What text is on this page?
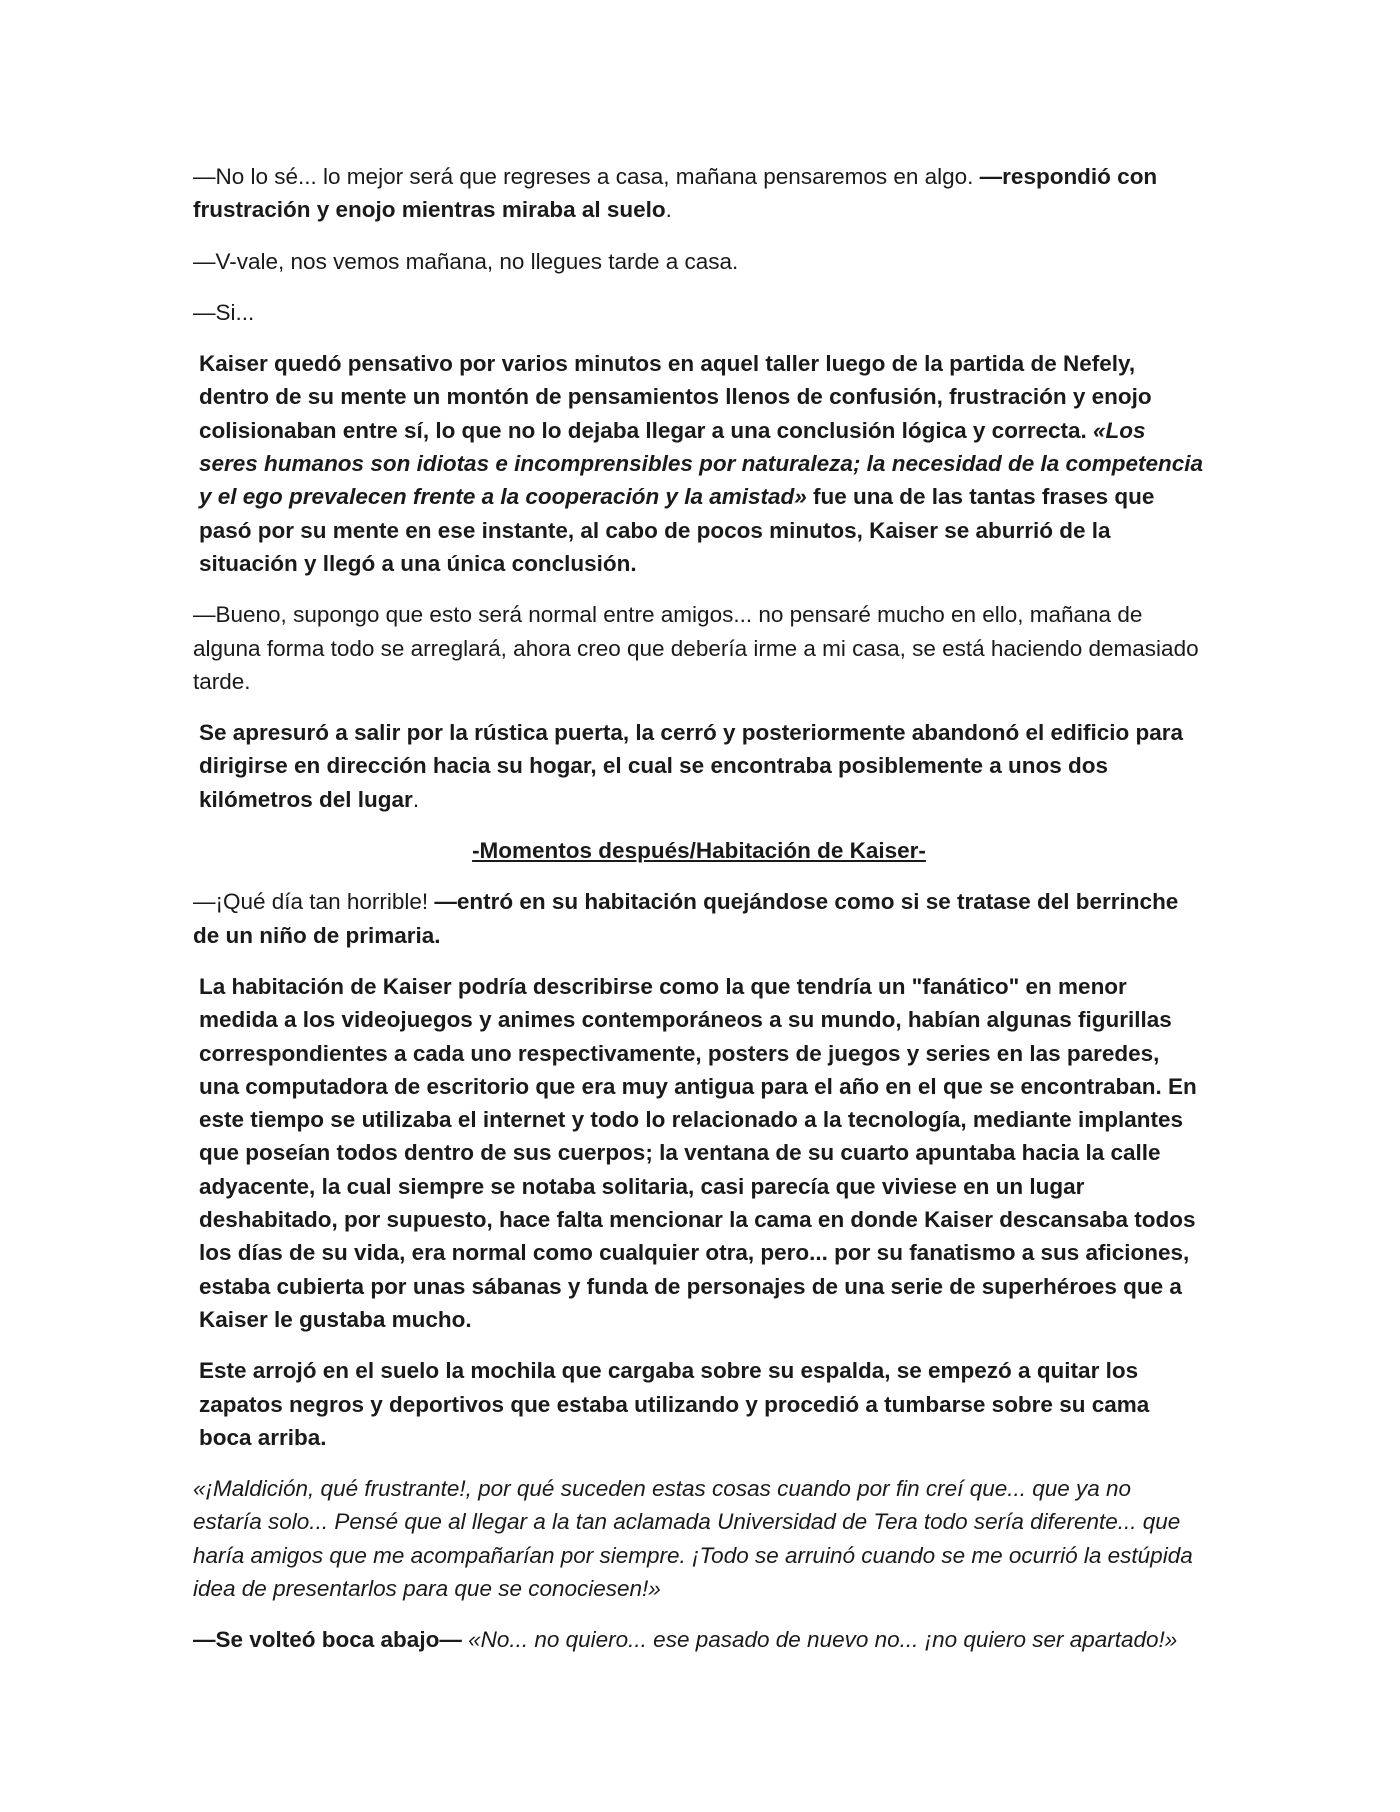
—No lo sé... lo mejor será que regreses a casa, mañana pensaremos en algo. —respondió con frustración y enojo mientras miraba al suelo.

—V-vale, nos vemos mañana, no llegues tarde a casa.

—Si...

Kaiser quedó pensativo por varios minutos en aquel taller luego de la partida de Nefely, dentro de su mente un montón de pensamientos llenos de confusión, frustración y enojo colisionaban entre sí, lo que no lo dejaba llegar a una conclusión lógica y correcta. «Los seres humanos son idiotas e incomprensibles por naturaleza; la necesidad de la competencia y el ego prevalecen frente a la cooperación y la amistad» fue una de las tantas frases que pasó por su mente en ese instante, al cabo de pocos minutos, Kaiser se aburrió de la situación y llegó a una única conclusión.

—Bueno, supongo que esto será normal entre amigos... no pensaré mucho en ello, mañana de alguna forma todo se arreglará, ahora creo que debería irme a mi casa, se está haciendo demasiado tarde.

Se apresuró a salir por la rústica puerta, la cerró y posteriormente abandonó el edificio para dirigirse en dirección hacia su hogar, el cual se encontraba posiblemente a unos dos kilómetros del lugar.

-Momentos después/Habitación de Kaiser-

—¡Qué día tan horrible! —entró en su habitación quejándose como si se tratase del berrinche de un niño de primaria.

La habitación de Kaiser podría describirse como la que tendría un "fanático" en menor medida a los videojuegos y animes contemporáneos a su mundo, habían algunas figurillas correspondientes a cada uno respectivamente, posters de juegos y series en las paredes, una computadora de escritorio que era muy antigua para el año en el que se encontraban. En este tiempo se utilizaba el internet y todo lo relacionado a la tecnología, mediante implantes que poseían todos dentro de sus cuerpos; la ventana de su cuarto apuntaba hacia la calle adyacente, la cual siempre se notaba solitaria, casi parecía que viviese en un lugar deshabitado, por supuesto, hace falta mencionar la cama en donde Kaiser descansaba todos los días de su vida, era normal como cualquier otra, pero... por su fanatismo a sus aficiones, estaba cubierta por unas sábanas y funda de personajes de una serie de superhéroes que a Kaiser le gustaba mucho.

Este arrojó en el suelo la mochila que cargaba sobre su espalda, se empezó a quitar los zapatos negros y deportivos que estaba utilizando y procedió a tumbarse sobre su cama boca arriba.

«¡Maldición, qué frustrante!, por qué suceden estas cosas cuando por fin creí que... que ya no estaría solo... Pensé que al llegar a la tan aclamada Universidad de Tera todo sería diferente... que haría amigos que me acompañarían por siempre. ¡Todo se arruinó cuando se me ocurrió la estúpida idea de presentarlos para que se conociesen!»

—Se volteó boca abajo— «No... no quiero... ese pasado de nuevo no... ¡no quiero ser apartado!»
